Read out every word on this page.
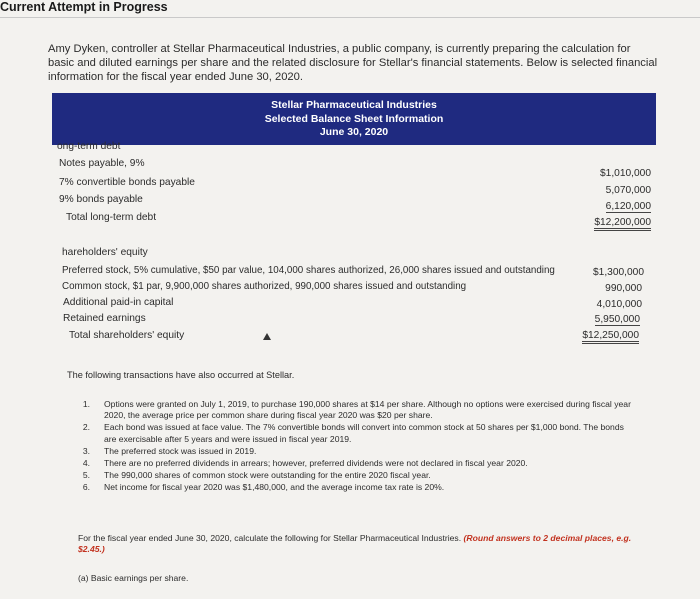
Current Attempt in Progress
Amy Dyken, controller at Stellar Pharmaceutical Industries, a public company, is currently preparing the calculation for basic and diluted earnings per share and the related disclosure for Stellar's financial statements. Below is selected financial information for the fiscal year ended June 30, 2020.
Stellar Pharmaceutical Industries
Selected Balance Sheet Information
June 30, 2020
ong-term debt
Notes payable, 9%
7% convertible bonds payable
9% bonds payable
Total long-term debt
$1,010,000
5,070,000
6,120,000
$12,200,000
hareholders' equity
Preferred stock, 5% cumulative, $50 par value, 104,000 shares authorized, 26,000 shares issued and outstanding
Common stock, $1 par, 9,900,000 shares authorized, 990,000 shares issued and outstanding
Additional paid-in capital
Retained earnings
Total shareholders' equity
$1,300,000
990,000
4,010,000
5,950,000
$12,250,000
The following transactions have also occurred at Stellar.
1. Options were granted on July 1, 2019, to purchase 190,000 shares at $14 per share. Although no options were exercised during fiscal year 2020, the average price per common share during fiscal year 2020 was $20 per share.
2. Each bond was issued at face value. The 7% convertible bonds will convert into common stock at 50 shares per $1,000 bond. The bonds are exercisable after 5 years and were issued in fiscal year 2019.
3. The preferred stock was issued in 2019.
4. There are no preferred dividends in arrears; however, preferred dividends were not declared in fiscal year 2020.
5. The 990,000 shares of common stock were outstanding for the entire 2020 fiscal year.
6. Net income for fiscal year 2020 was $1,480,000, and the average income tax rate is 20%.
For the fiscal year ended June 30, 2020, calculate the following for Stellar Pharmaceutical Industries. (Round answers to 2 decimal places, e.g. $2.45.)
(a) Basic earnings per share.
